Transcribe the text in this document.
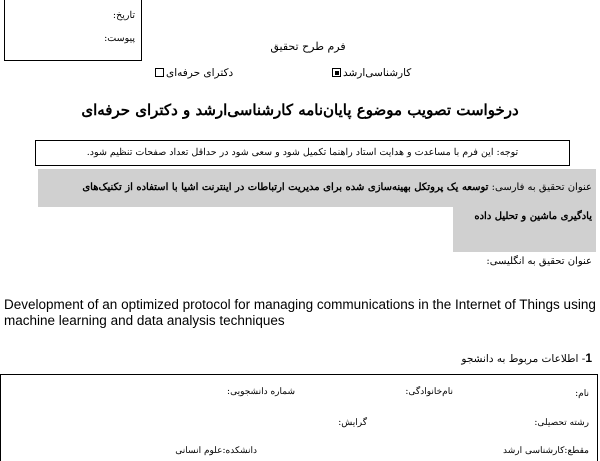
تاریخ:
پیوست:
فرم طرح تحقیق
کارشناسی‌ارشد
دکترای حرفه‌ای
درخواست تصویب موضوع پایان‌نامه کارشناسی‌ارشد و دکترای حرفه‌ای
توجه: این فرم با مساعدت و هدایت استاد راهنما تکمیل شود و سعی شود در حداقل تعداد صفحات تنظیم شود.
عنوان تحقیق به فارسی: توسعه یک پروتکل بهینه‌سازی شده برای مدیریت ارتباطات در اینترنت اشیا با استفاده از تکنیک‌های
یادگیری ماشین و تحلیل داده
عنوان تحقیق به انگلیسی:
Development of an optimized protocol for managing communications in the Internet of Things using machine learning and data analysis techniques
1- اطلاعات مربوط به دانشجو
نام:
نام‌خانوادگی:
شماره دانشجویی:
رشته تحصیلی:
گرایش:
مقطع:کارشناسی ارشد
دانشکده:علوم انسانی
